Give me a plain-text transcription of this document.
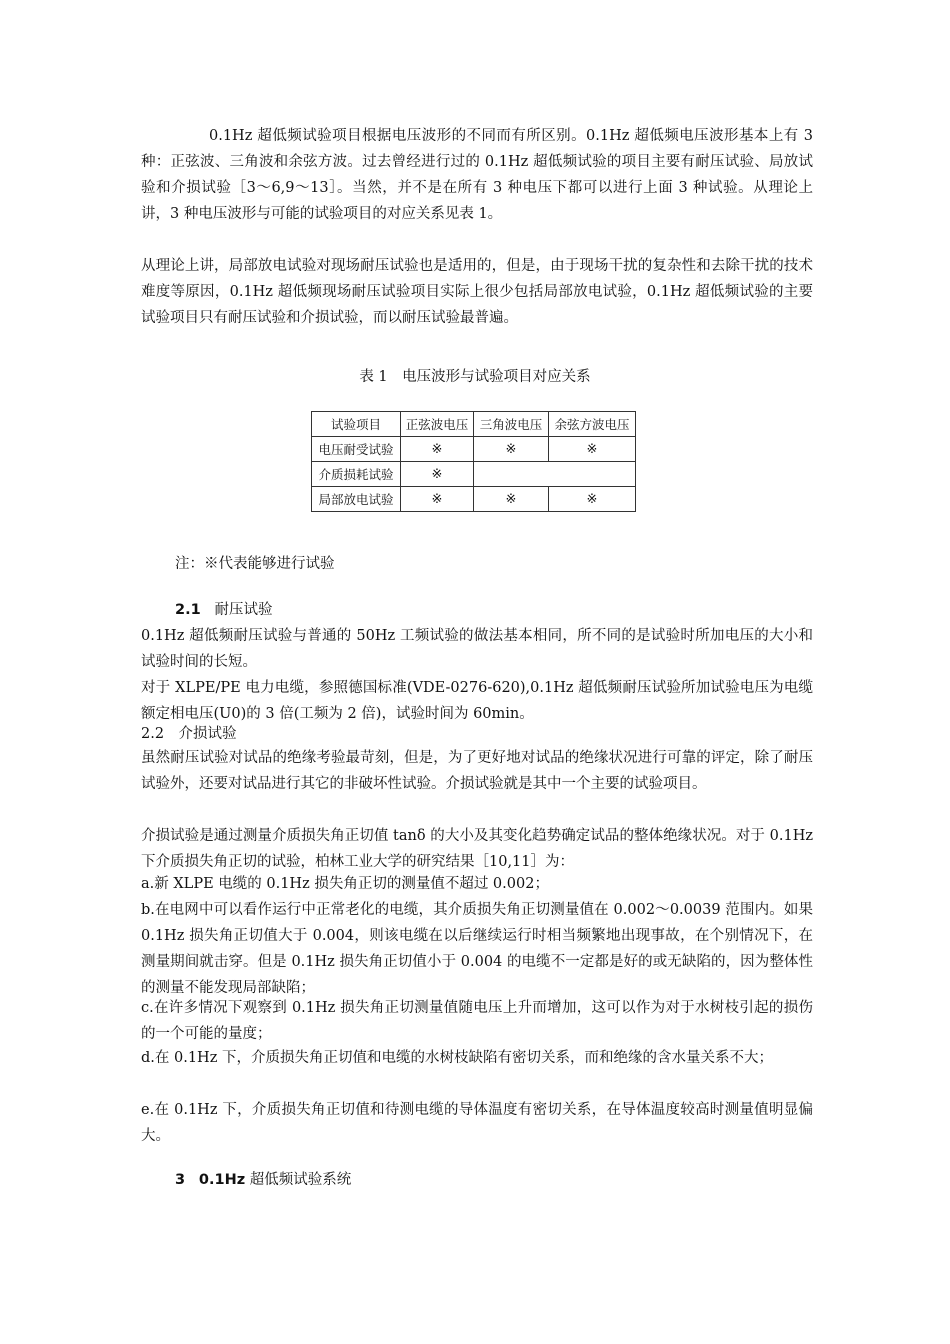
0.1Hz 超低频试验项目根据电压波形的不同而有所区别。0.1Hz 超低频电压波形基本上有 3 种：正弦波、三角波和余弦方波。过去曾经进行过的 0.1Hz 超低频试验的项目主要有耐压试验、局放试验和介损试验［3～6,9～13］。当然，并不是在所有 3 种电压下都可以进行上面 3 种试验。从理论上讲，3 种电压波形与可能的试验项目的对应关系见表 1。

从理论上讲，局部放电试验对现场耐压试验也是适用的，但是，由于现场干扰的复杂性和去除干扰的技术难度等原因，0.1Hz 超低频现场耐压试验项目实际上很少包括局部放电试验，0.1Hz 超低频试验的主要试验项目只有耐压试验和介损试验，而以耐压试验最普遍。

表 1　电压波形与试验项目对应关系
试验项目	正弦波电压	三角波电压	余弦方波电压
电压耐受试验	※	※	※
介质损耗试验	※		
局部放电试验	※	※	※
注：※代表能够进行试验
2.1 耐压试验

0.1Hz 超低频耐压试验与普通的 50Hz 工频试验的做法基本相同，所不同的是试验时所加电压的大小和试验时间的长短。

对于 XLPE/PE 电力电缆，参照德国标准(VDE-0276-620),0.1Hz 超低频耐压试验所加试验电压为电缆额定相电压(U0)的 3 倍(工频为 2 倍)，试验时间为 60min。

2.2　介损试验

虽然耐压试验对试品的绝缘考验最苛刻，但是，为了更好地对试品的绝缘状况进行可靠的评定，除了耐压试验外，还要对试品进行其它的非破坏性试验。介损试验就是其中一个主要的试验项目。

介损试验是通过测量介质损失角正切值 tanδ 的大小及其变化趋势确定试品的整体绝缘状况。对于 0.1Hz 下介质损失角正切的试验，柏林工业大学的研究结果［10,11］为：

a.新 XLPE 电缆的 0.1Hz 损失角正切的测量值不超过 0.002；

b.在电网中可以看作运行中正常老化的电缆，其介质损失角正切测量值在 0.002～0.0039 范围内。如果 0.1Hz 损失角正切值大于 0.004，则该电缆在以后继续运行时相当频繁地出现事故，在个别情况下，在测量期间就击穿。但是 0.1Hz 损失角正切值小于 0.004 的电缆不一定都是好的或无缺陷的，因为整体性的测量不能发现局部缺陷；

c.在许多情况下观察到 0.1Hz 损失角正切测量值随电压上升而增加，这可以作为对于水树枝引起的损伤的一个可能的量度；

d.在 0.1Hz 下，介质损失角正切值和电缆的水树枝缺陷有密切关系，而和绝缘的含水量关系不大；

e.在 0.1Hz 下，介质损失角正切值和待测电缆的导体温度有密切关系，在导体温度较高时测量值明显偏大。

3 0.1Hz 超低频试验系统
